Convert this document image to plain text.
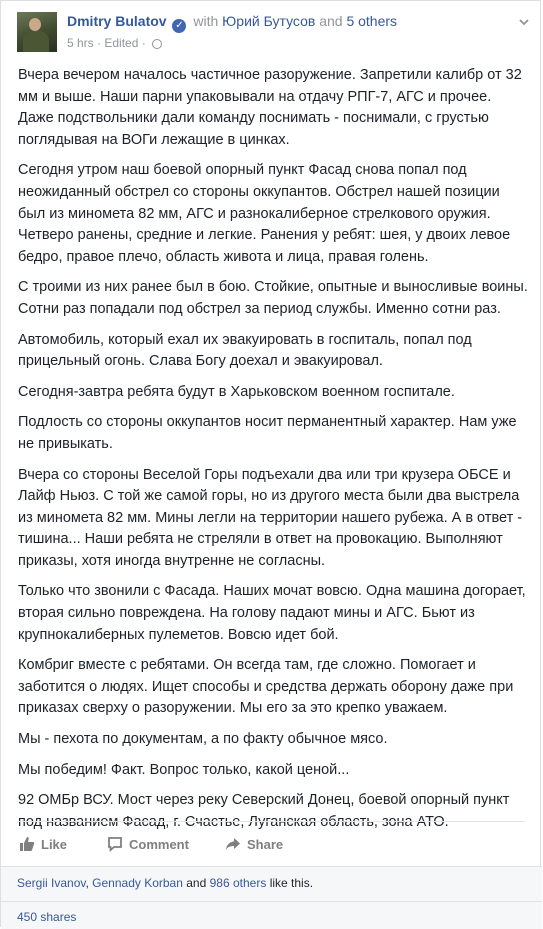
Dmitry Bulatov ✓ with Юрий Бутусов and 5 others
5 hrs · Edited ·

Вчера вечером началось частичное разоружение. Запретили калибр от 32 мм и выше. Наши парни упаковывали на отдачу РПГ-7, АГС и прочее. Даже подствольники дали команду поснимать - поснимали, с грустью поглядывая на ВОГи лежащие в цинках.

Сегодня утром наш боевой опорный пункт Фасад снова попал под неожиданный обстрел со стороны оккупантов. Обстрел нашей позиции был из миномета 82 мм, АГС и разнокалиберное стрелкового оружия. Четверо ранены, средние и легкие. Ранения у ребят: шея, у двоих левое бедро, правое плечо, область живота и лица, правая голень.

С троими из них ранее был в бою. Стойкие, опытные и выносливые воины. Сотни раз попадали под обстрел за период службы. Именно сотни раз.

Автомобиль, который ехал их эвакуировать в госпиталь, попал под прицельный огонь. Слава Богу доехал и эвакуировал.

Сегодня-завтра ребята будут в Харьковском военном госпитале.

Подлость со стороны оккупантов носит перманентный характер. Нам уже не привыкать.

Вчера со стороны Веселой Горы подъехали два или три крузера ОБСЕ и Лайф Ньюз. С той же самой горы, но из другого места были два выстрела из миномета 82 мм. Мины легли на территории нашего рубежа. А в ответ - тишина... Наши ребята не стреляли в ответ на провокацию. Выполняют приказы, хотя иногда внутренне не согласны.

Только что звонили с Фасада. Наших мочат вовсю. Одна машина догорает, вторая сильно повреждена. На голову падают мины и АГС. Бьют из крупнокалиберных пулеметов. Вовсю идет бой.

Комбриг вместе с ребятами. Он всегда там, где сложно. Помогает и заботится о людях. Ищет способы и средства держать оборону даже при приказах сверху о разоружении. Мы его за это крепко уважаем.

Мы - пехота по документам, а по факту обычное мясо.

Мы победим! Факт. Вопрос только, какой ценой...

92 ОМБр ВСУ. Мост через реку Северский Донец, боевой опорный пункт под названием Фасад, г. Счастье, Луганская область, зона АТО.

Like	Comment	Share
Sergii Ivanov, Gennady Korban and 986 others like this.
450 shares
